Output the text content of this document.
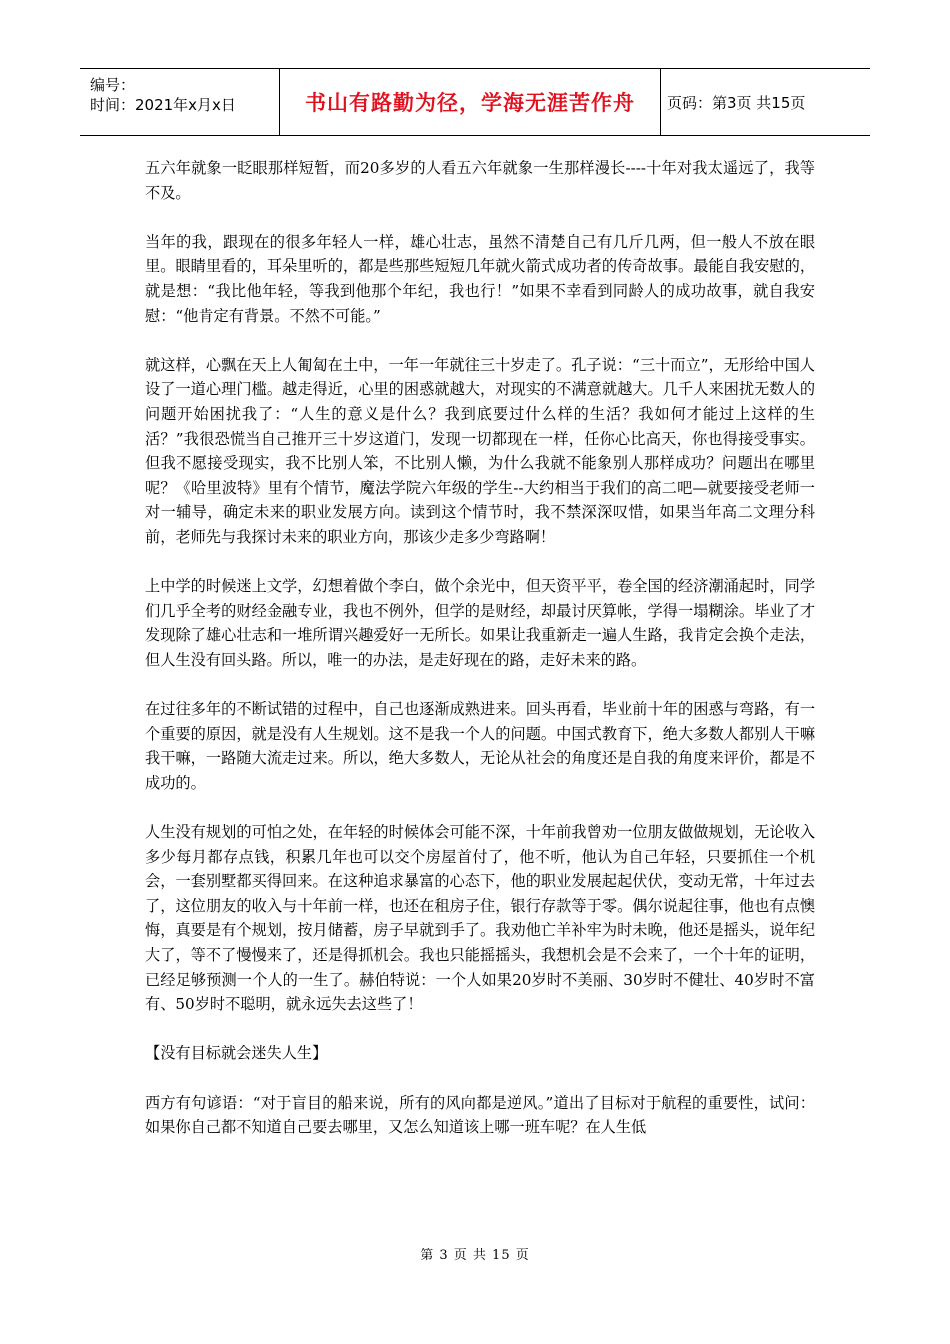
编号：
时间：2021年x月x日	书山有路勤为径，学海无涯苦作舟	页码：第3页 共15页

五六年就象一眨眼那样短暂，而20多岁的人看五六年就象一生那样漫长----十年对我太遥远了，我等不及。

当年的我，跟现在的很多年轻人一样，雄心壮志，虽然不清楚自己有几斤几两，但一般人不放在眼里。眼睛里看的，耳朵里听的，都是些那些短短几年就火箭式成功者的传奇故事。最能自我安慰的，就是想：“我比他年轻，等我到他那个年纪，我也行！”如果不幸看到同龄人的成功故事，就自我安慰：“他肯定有背景。不然不可能。”

就这样，心飘在天上人匍匐在土中，一年一年就往三十岁走了。孔子说：“三十而立”，无形给中国人设了一道心理门槛。越走得近，心里的困惑就越大，对现实的不满意就越大。几千人来困扰无数人的问题开始困扰我了：“人生的意义是什么？我到底要过什么样的生活？我如何才能过上这样的生活？”我很恐慌当自己推开三十岁这道门，发现一切都现在一样，任你心比高天，你也得接受事实。但我不愿接受现实，我不比别人笨，不比别人懒，为什么我就不能象别人那样成功？问题出在哪里呢？《哈里波特》里有个情节，魔法学院六年级的学生--大约相当于我们的高二吧—就要接受老师一对一辅导，确定未来的职业发展方向。读到这个情节时，我不禁深深叹惜，如果当年高二文理分科前，老师先与我探讨未来的职业方向，那该少走多少弯路啊！

上中学的时候迷上文学，幻想着做个李白，做个余光中，但天资平平，卷全国的经济潮涌起时，同学们几乎全考的财经金融专业，我也不例外，但学的是财经，却最讨厌算帐，学得一塌糊涂。毕业了才发现除了雄心壮志和一堆所谓兴趣爱好一无所长。如果让我重新走一遍人生路，我肯定会换个走法，但人生没有回头路。所以，唯一的办法，是走好现在的路，走好未来的路。

在过往多年的不断试错的过程中，自己也逐渐成熟进来。回头再看，毕业前十年的困惑与弯路，有一个重要的原因，就是没有人生规划。这不是我一个人的问题。中国式教育下，绝大多数人都别人干嘛我干嘛，一路随大流走过来。所以，绝大多数人，无论从社会的角度还是自我的角度来评价，都是不成功的。

人生没有规划的可怕之处，在年轻的时候体会可能不深，十年前我曾劝一位朋友做做规划，无论收入多少每月都存点钱，积累几年也可以交个房屋首付了，他不听，他认为自己年轻，只要抓住一个机会，一套别墅都买得回来。在这种追求暴富的心态下，他的职业发展起起伏伏，变动无常，十年过去了，这位朋友的收入与十年前一样，也还在租房子住，银行存款等于零。偶尔说起往事，他也有点懊悔，真要是有个规划，按月储蓄，房子早就到手了。我劝他亡羊补牢为时未晚，他还是摇头，说年纪大了，等不了慢慢来了，还是得抓机会。我也只能摇摇头，我想机会是不会来了，一个十年的证明，已经足够预测一个人的一生了。赫伯特说：一个人如果20岁时不美丽、30岁时不健壮、40岁时不富有、50岁时不聪明，就永远失去这些了！

【没有目标就会迷失人生】

西方有句谚语：“对于盲目的船来说，所有的风向都是逆风。”道出了目标对于航程的重要性，试问：如果你自己都不知道自己要去哪里，又怎么知道该上哪一班车呢？在人生低

第 3 页 共 15 页
